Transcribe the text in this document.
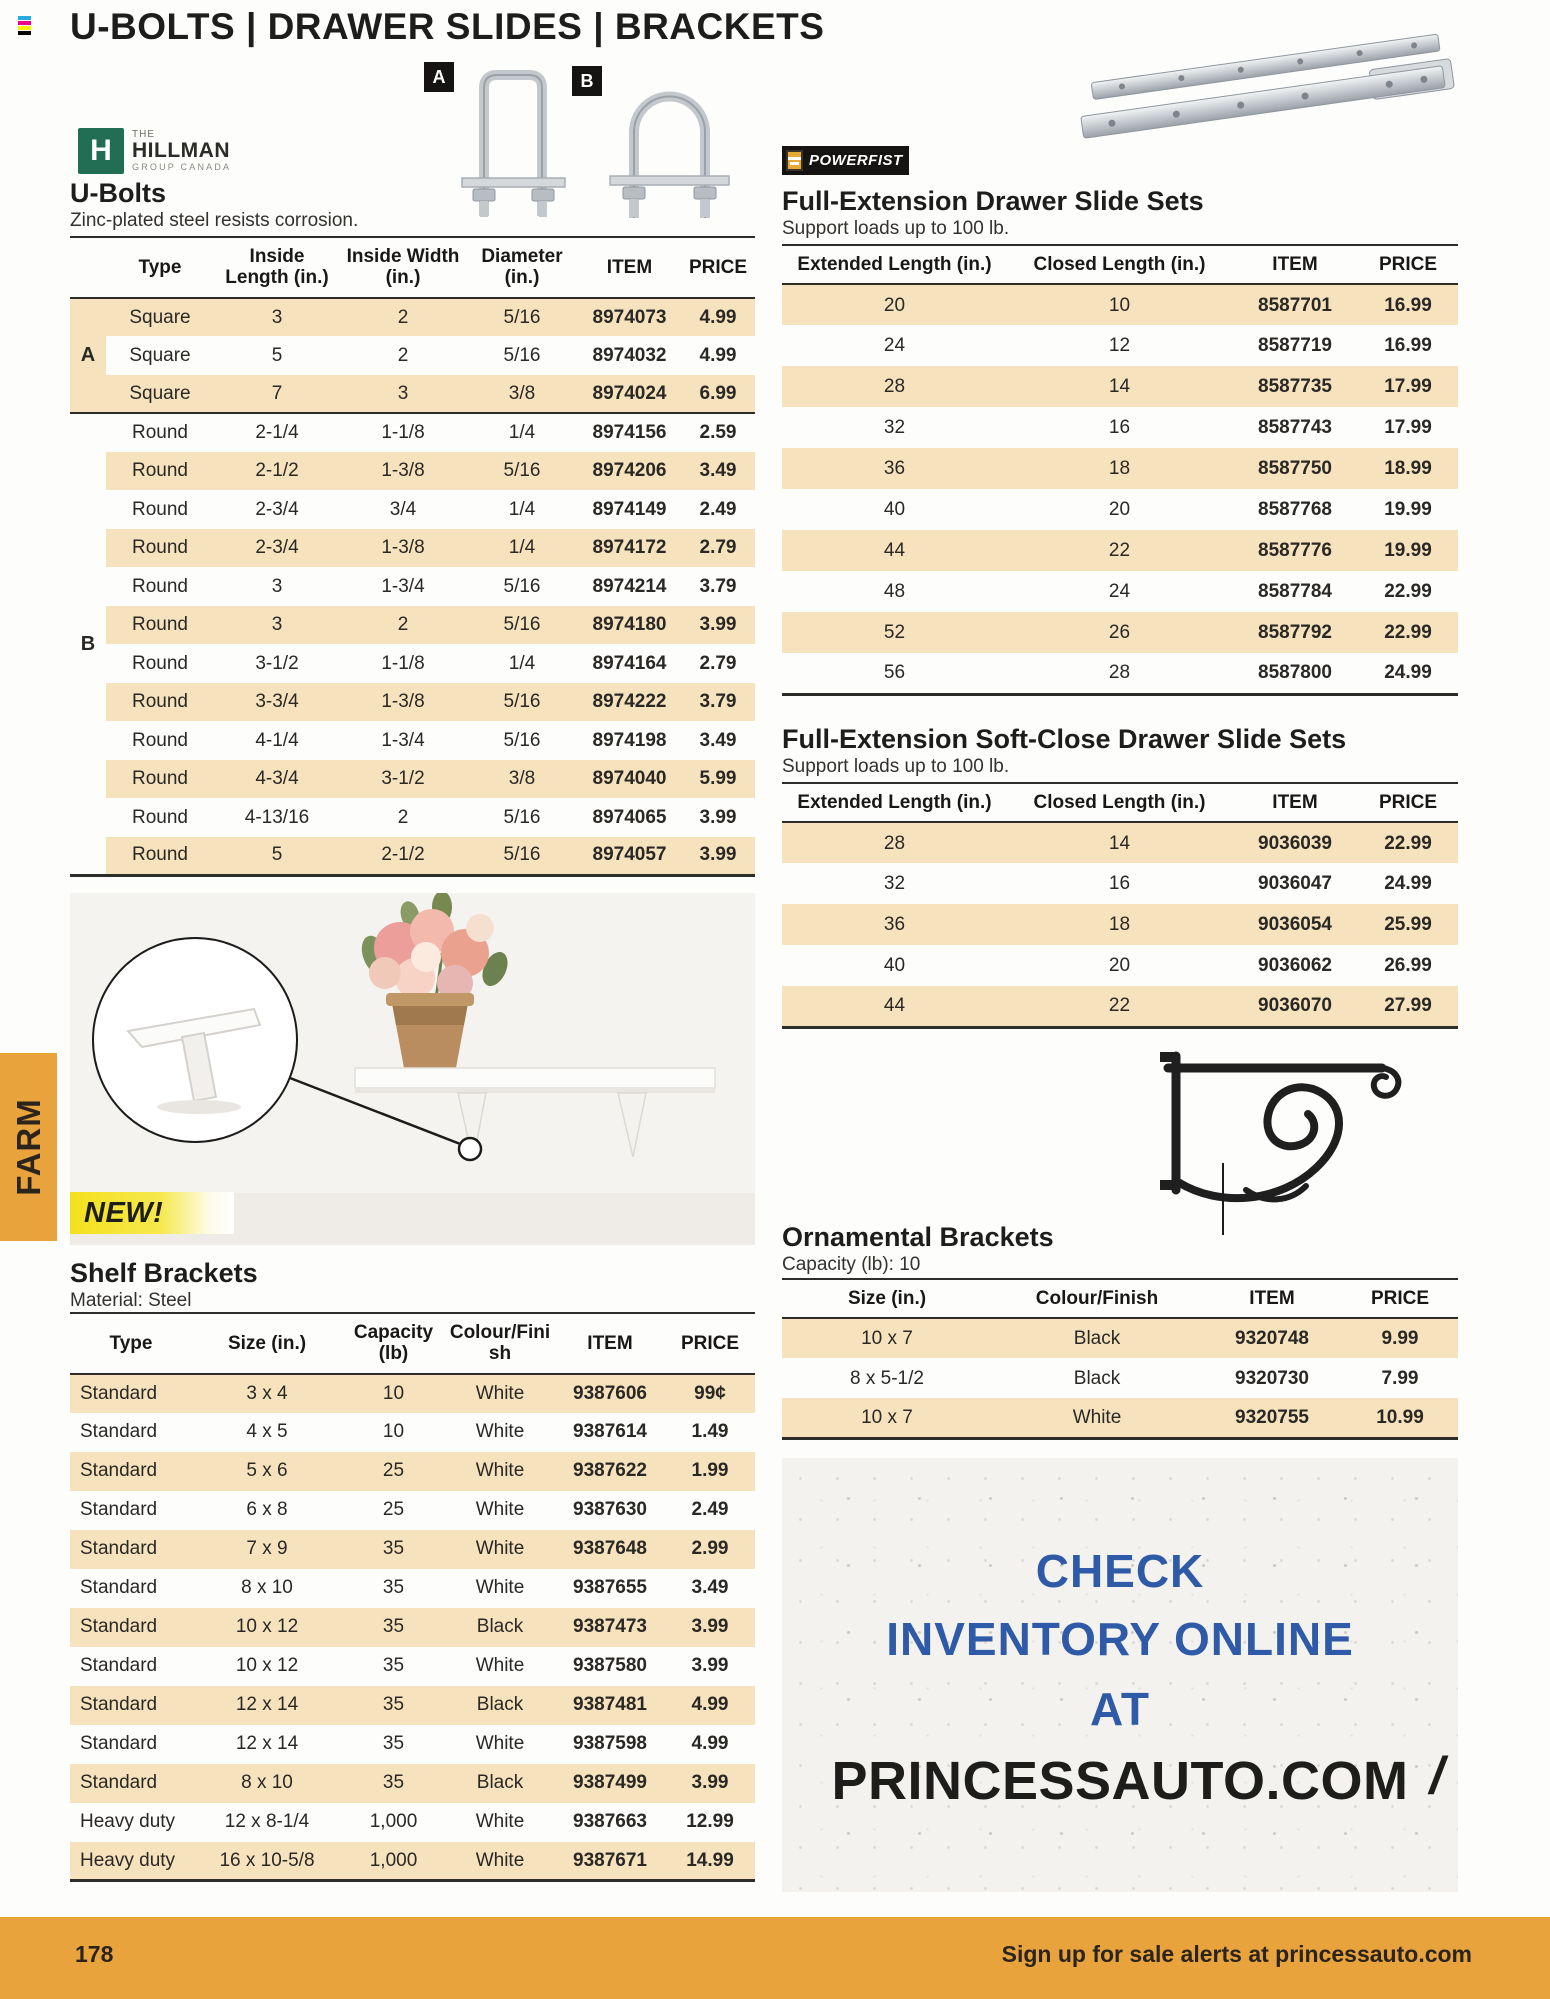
U-BOLTS | DRAWER SLIDES | BRACKETS
A	B
H	THE
HILLMAN
GROUP CANADA
U-Bolts
Zinc-plated steel resists corrosion.
	Type	Inside Length (in.)	Inside Width (in.)	Diameter (in.)	ITEM	PRICE
A	Square	3	2	5/16	8974073	4.99
	Square	5	2	5/16	8974032	4.99
	Square	7	3	3/8	8974024	6.99
B	Round	2-1/4	1-1/8	1/4	8974156	2.59
	Round	2-1/2	1-3/8	5/16	8974206	3.49
	Round	2-3/4	3/4	1/4	8974149	2.49
	Round	2-3/4	1-3/8	1/4	8974172	2.79
	Round	3	1-3/4	5/16	8974214	3.79
	Round	3	2	5/16	8974180	3.99
	Round	3-1/2	1-1/8	1/4	8974164	2.79
	Round	3-3/4	1-3/8	5/16	8974222	3.79
	Round	4-1/4	1-3/4	5/16	8974198	3.49
	Round	4-3/4	3-1/2	3/8	8974040	5.99
	Round	4-13/16	2	5/16	8974065	3.99
	Round	5	2-1/2	5/16	8974057	3.99
NEW!
Shelf Brackets
Material: Steel
Type	Size (in.)	Capacity (lb)	Colour/Finish	ITEM	PRICE
Standard	3 x 4	10	White	9387606	99¢
Standard	4 x 5	10	White	9387614	1.49
Standard	5 x 6	25	White	9387622	1.99
Standard	6 x 8	25	White	9387630	2.49
Standard	7 x 9	35	White	9387648	2.99
Standard	8 x 10	35	White	9387655	3.49
Standard	10 x 12	35	Black	9387473	3.99
Standard	10 x 12	35	White	9387580	3.99
Standard	12 x 14	35	Black	9387481	4.99
Standard	12 x 14	35	White	9387598	4.99
Standard	8 x 10	35	Black	9387499	3.99
Heavy duty	12 x 8-1/4	1,000	White	9387663	12.99
Heavy duty	16 x 10-5/8	1,000	White	9387671	14.99
POWERFIST
Full-Extension Drawer Slide Sets
Support loads up to 100 lb.
Extended Length (in.)	Closed Length (in.)	ITEM	PRICE
20	10	8587701	16.99
24	12	8587719	16.99
28	14	8587735	17.99
32	16	8587743	17.99
36	18	8587750	18.99
40	20	8587768	19.99
44	22	8587776	19.99
48	24	8587784	22.99
52	26	8587792	22.99
56	28	8587800	24.99
Full-Extension Soft-Close Drawer Slide Sets
Support loads up to 100 lb.
Extended Length (in.)	Closed Length (in.)	ITEM	PRICE
28	14	9036039	22.99
32	16	9036047	24.99
36	18	9036054	25.99
40	20	9036062	26.99
44	22	9036070	27.99
Ornamental Brackets
Capacity (lb): 10
Size (in.)	Colour/Finish	ITEM	PRICE
10 x 7	Black	9320748	9.99
8 x 5-1/2	Black	9320730	7.99
10 x 7	White	9320755	10.99
CHECK
INVENTORY ONLINE
AT
PRINCESSAUTO.COM /
FARM
178	Sign up for sale alerts at princessauto.com
